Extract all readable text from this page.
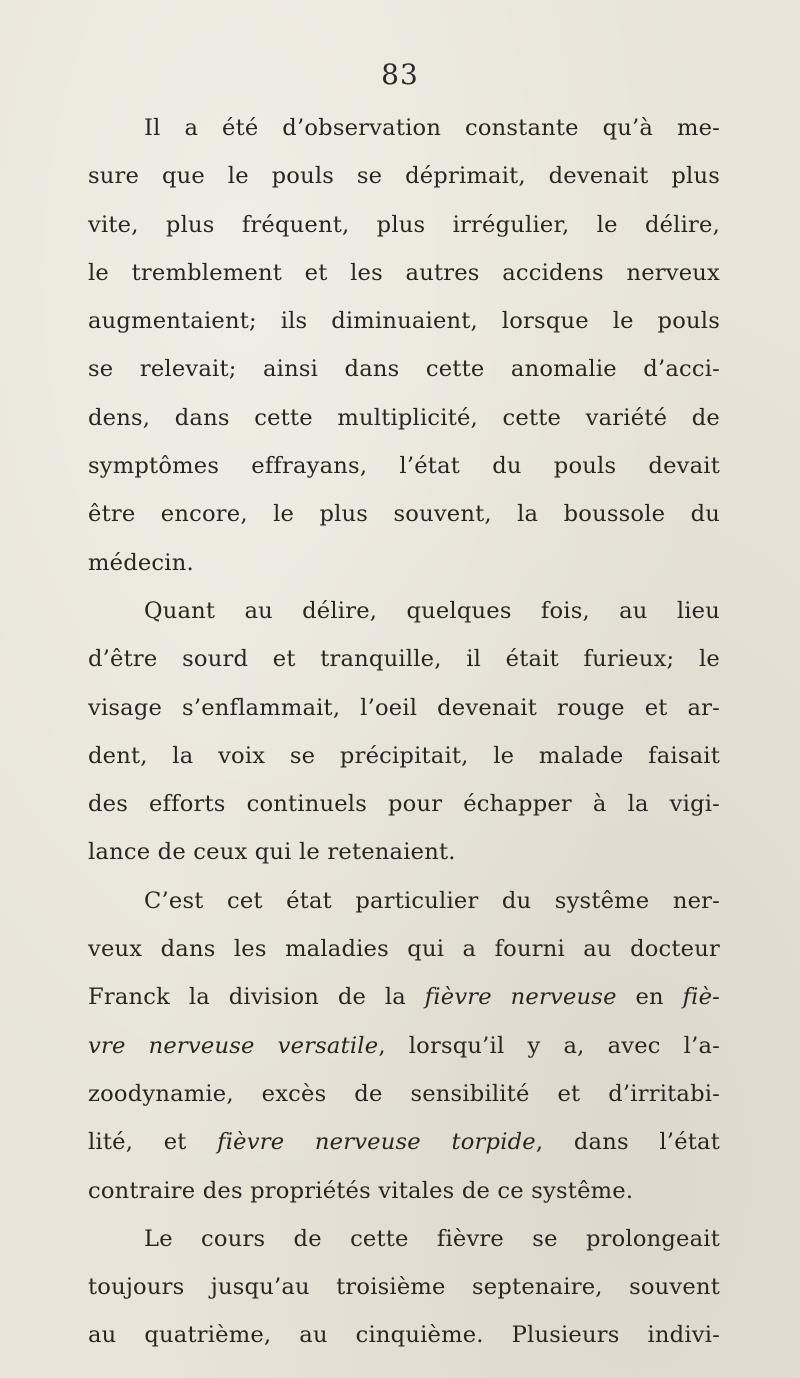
83
Il a été d’observation constante qu’à me-
sure que le pouls se déprimait, devenait plus
vite, plus fréquent, plus irrégulier, le délire,
le tremblement et les autres accidens nerveux
augmentaient; ils diminuaient, lorsque le pouls
se relevait; ainsi dans cette anomalie d’acci-
dens, dans cette multiplicité, cette variété de
symptômes effrayans, l’état du pouls devait
être encore, le plus souvent, la boussole du
médecin.
Quant au délire, quelques fois, au lieu
d’être sourd et tranquille, il était furieux; le
visage s’enflammait, l’oeil devenait rouge et ar-
dent, la voix se précipitait, le malade faisait
des efforts continuels pour échapper à la vigi-
lance de ceux qui le retenaient.
C’est cet état particulier du systême ner-
veux dans les maladies qui a fourni au docteur
Franck la division de la fièvre nerveuse en fiè-
vre nerveuse versatile, lorsqu’il y a, avec l’a-
zoodynamie, excès de sensibilité et d’irritabi-
lité, et fièvre nerveuse torpide, dans l’état
contraire des propriétés vitales de ce systême.
Le cours de cette fièvre se prolongeait
toujours jusqu’au troisième septenaire, souvent
au quatrième, au cinquième. Plusieurs indivi-
